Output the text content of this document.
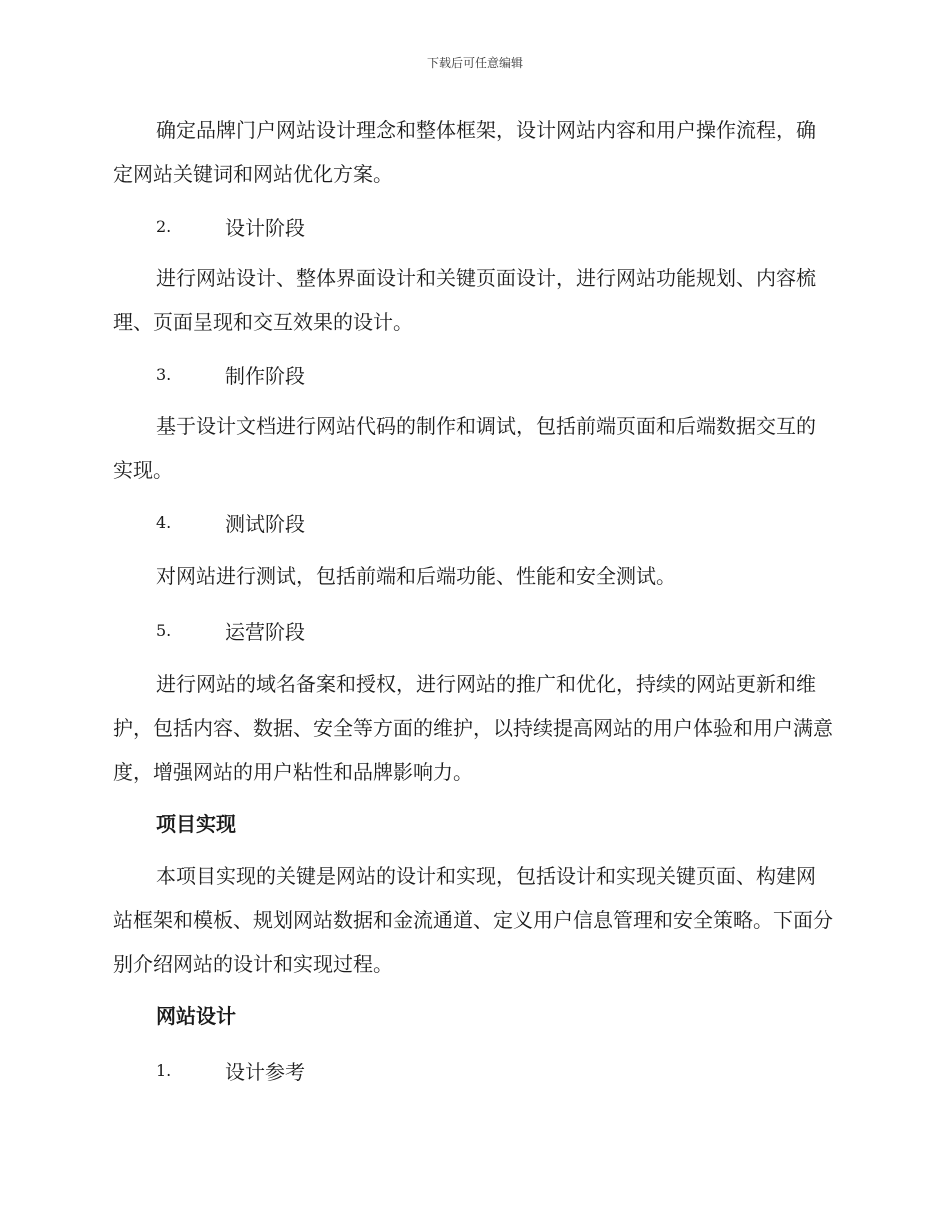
下载后可任意编辑

确定品牌门户网站设计理念和整体框架，设计网站内容和用户操作流程，确定网站关键词和网站优化方案。

2.	设计阶段

进行网站设计、整体界面设计和关键页面设计，进行网站功能规划、内容梳理、页面呈现和交互效果的设计。

3.	制作阶段

基于设计文档进行网站代码的制作和调试，包括前端页面和后端数据交互的实现。

4.	测试阶段

对网站进行测试，包括前端和后端功能、性能和安全测试。

5.	运营阶段

进行网站的域名备案和授权，进行网站的推广和优化，持续的网站更新和维护，包括内容、数据、安全等方面的维护，以持续提高网站的用户体验和用户满意度，增强网站的用户粘性和品牌影响力。

项目实现

本项目实现的关键是网站的设计和实现，包括设计和实现关键页面、构建网站框架和模板、规划网站数据和金流通道、定义用户信息管理和安全策略。下面分别介绍网站的设计和实现过程。

网站设计
1.	设计参考
